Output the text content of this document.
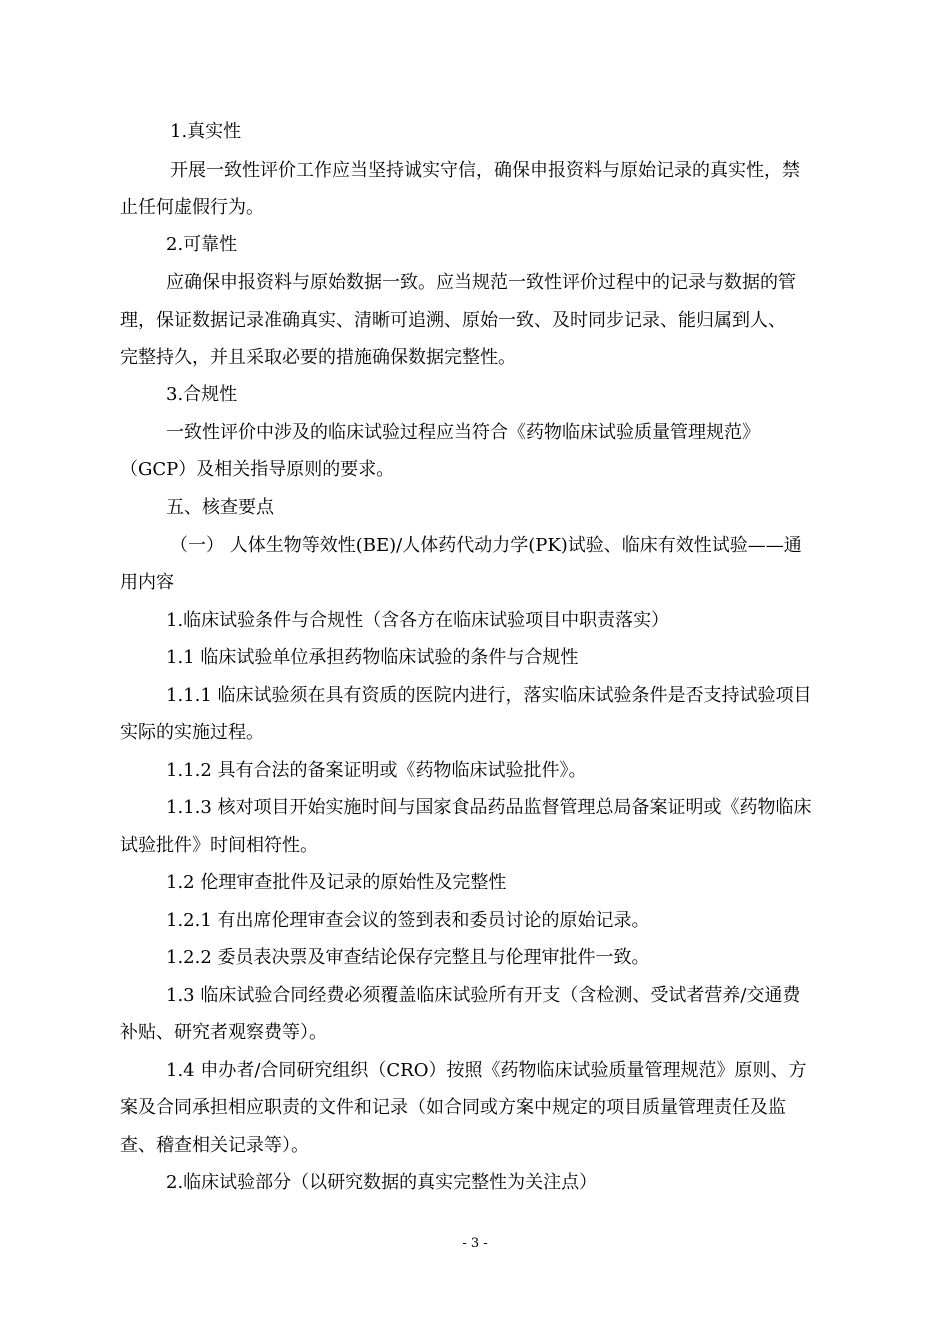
1.真实性
开展一致性评价工作应当坚持诚实守信，确保申报资料与原始记录的真实性，禁
止任何虚假行为。
2.可靠性
应确保申报资料与原始数据一致。应当规范一致性评价过程中的记录与数据的管
理，保证数据记录准确真实、清晰可追溯、原始一致、及时同步记录、能归属到人、
完整持久，并且采取必要的措施确保数据完整性。
3.合规性
一致性评价中涉及的临床试验过程应当符合《药物临床试验质量管理规范》
（GCP）及相关指导原则的要求。
五、核查要点
（一） 人体生物等效性(BE)/人体药代动力学(PK)试验、临床有效性试验——通
用内容
1.临床试验条件与合规性（含各方在临床试验项目中职责落实）
1.1 临床试验单位承担药物临床试验的条件与合规性
1.1.1 临床试验须在具有资质的医院内进行，落实临床试验条件是否支持试验项目
实际的实施过程。
1.1.2 具有合法的备案证明或《药物临床试验批件》。
1.1.3 核对项目开始实施时间与国家食品药品监督管理总局备案证明或《药物临床
试验批件》时间相符性。
1.2 伦理审查批件及记录的原始性及完整性
1.2.1 有出席伦理审查会议的签到表和委员讨论的原始记录。
1.2.2 委员表决票及审查结论保存完整且与伦理审批件一致。
1.3 临床试验合同经费必须覆盖临床试验所有开支（含检测、受试者营养/交通费
补贴、研究者观察费等）。
1.4 申办者/合同研究组织（CRO）按照《药物临床试验质量管理规范》原则、方
案及合同承担相应职责的文件和记录（如合同或方案中规定的项目质量管理责任及监
查、稽查相关记录等）。
2.临床试验部分（以研究数据的真实完整性为关注点）
- 3 -
